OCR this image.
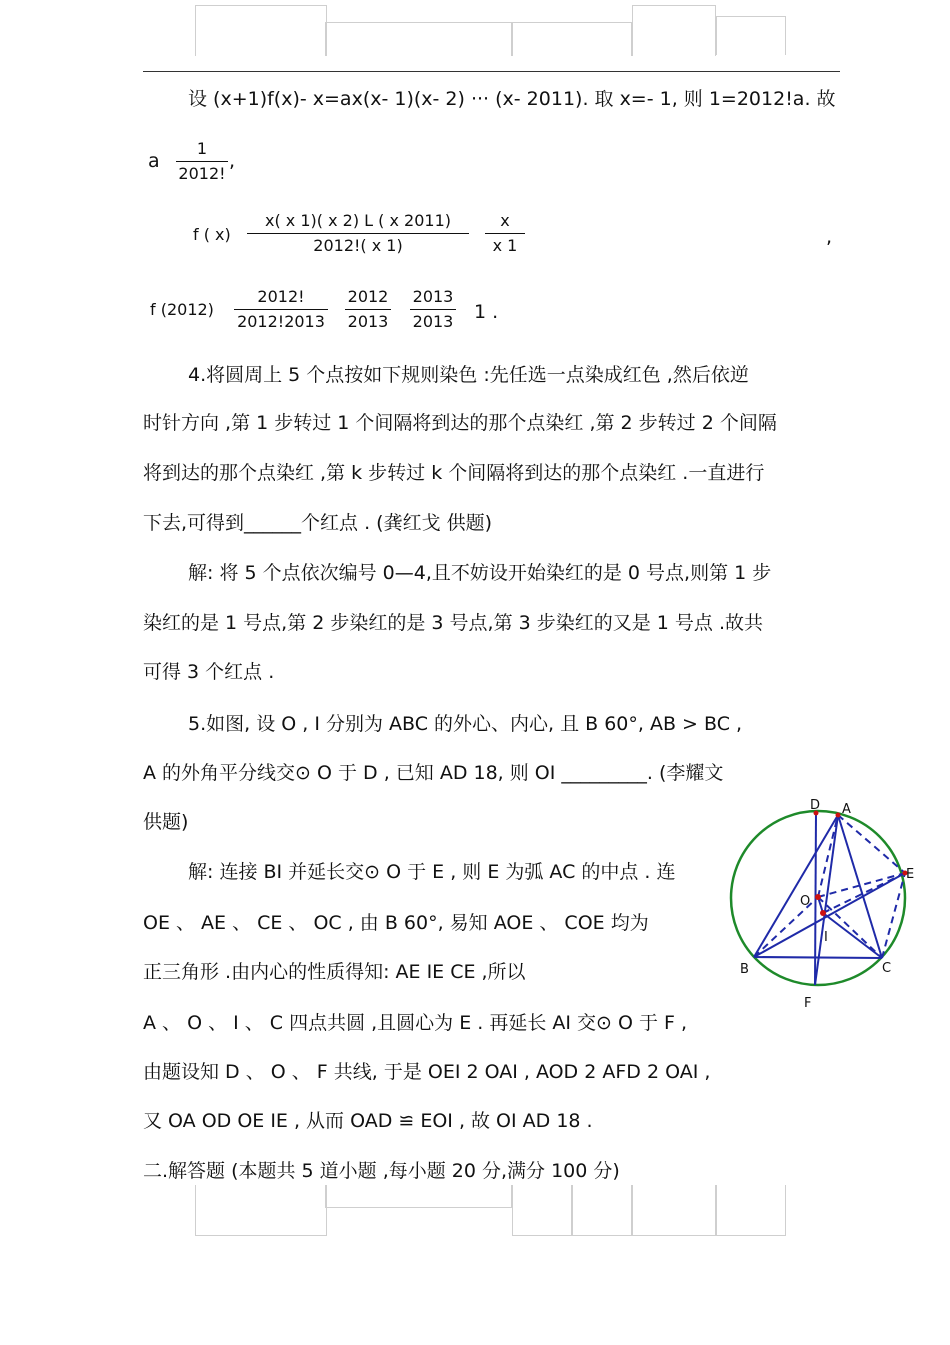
设 (x+1)f(x)- x=ax(x- 1)(x- 2) ··· (x- 2011). 取 x=- 1, 则 1=2012!a. 故
a
1
2012!
,
f ( x)
x( x 1)( x 2) L ( x 2011)
2012!( x 1)
x
x 1	,
f (2012)
2012!
2012!2013
2012
2013
2013
2013 1 .
4.将圆周上 5 个点按如下规则染色 :先任选一点染成红色 ,然后依逆
时针方向 ,第 1 步转过 1 个间隔将到达的那个点染红 ,第 2 步转过 2 个间隔
将到达的那个点染红 ,第 k 步转过 k 个间隔将到达的那个点染红 .一直进行
下去,可得到______个红点 . (龚红戈 供题)
解: 将 5 个点依次编号 0—4,且不妨设开始染红的是 0 号点,则第 1 步
染红的是 1 号点,第 2 步染红的是 3 号点,第 3 步染红的又是 1 号点 .故共
可得 3 个红点 .
5.如图, 设 O , I 分别为 ABC 的外心、内心, 且 B 60°, AB > BC ,
A 的外角平分线交⊙ O 于 D , 已知 AD 18, 则 OI _________. (李耀文
供题)
解: 连接 BI 并延长交⊙ O 于 E , 则 E 为弧 AC 的中点 . 连
OE 、 AE 、 CE 、 OC , 由 B 60°, 易知 AOE 、 COE 均为
正三角形 .由内心的性质得知: AE IE CE ,所以
A 、 O 、 I 、 C 四点共圆 ,且圆心为 E . 再延长 AI 交⊙ O 于 F ,
由题设知 D 、 O 、 F 共线, 于是 OEI 2 OAI , AOD 2 AFD 2 OAI ,
又 OA OD OE IE , 从而 OAD ≌ EOI , 故 OI AD 18 .
二.解答题 (本题共 5 道小题 ,每小题 20 分,满分 100 分)
D A
E
O
I
B	C
F
